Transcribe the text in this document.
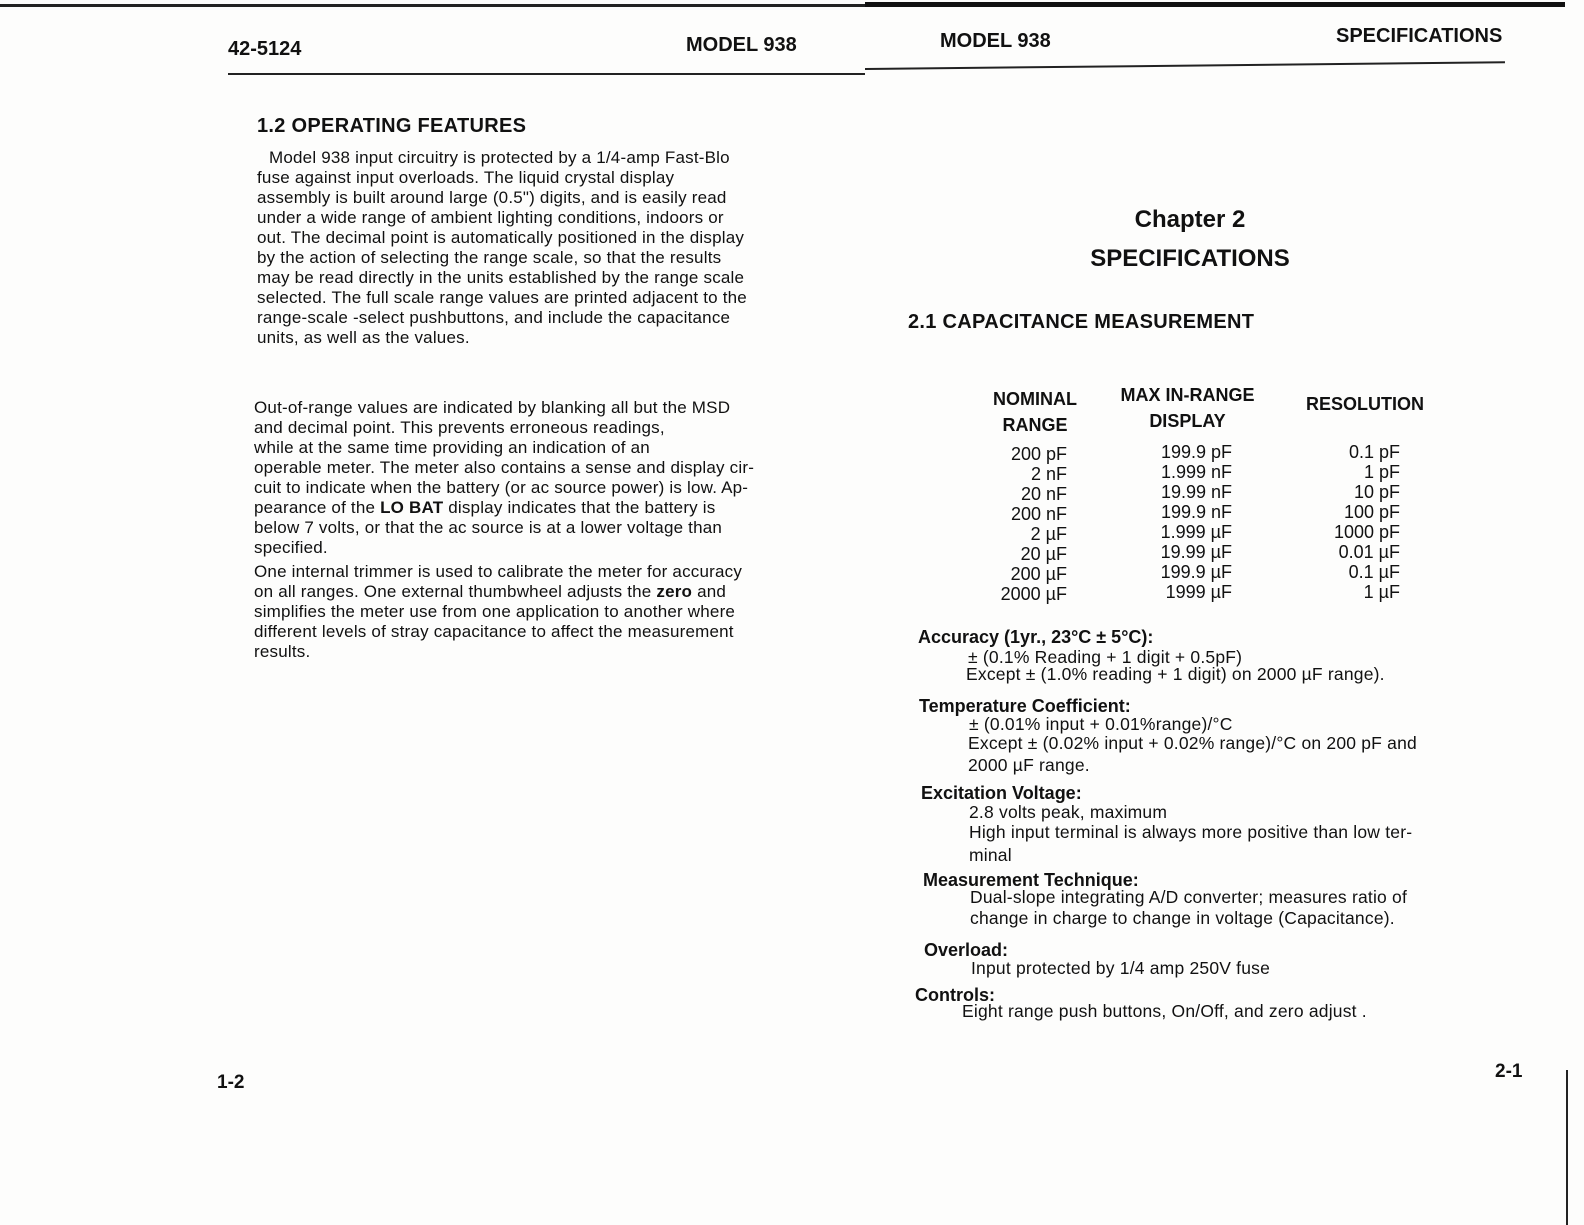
42-5124	MODEL 938
1.2 OPERATING FEATURES

Model 938 input circuitry is protected by a 1/4-amp Fast-Blo

fuse against input overloads. The liquid crystal display

assembly is built around large (0.5") digits, and is easily read

under a wide range of ambient lighting conditions, indoors or

out. The decimal point is automatically positioned in the display

by the action of selecting the range scale, so that the results

may be read directly in the units established by the range scale

selected. The full scale range values are printed adjacent to the

range-scale -select pushbuttons, and include the capacitance

units, as well as the values.

Out-of-range values are indicated by blanking all but the MSD

and decimal point. This prevents erroneous readings,

while at the same time providing an indication of an

operable meter. The meter also contains a sense and display cir-

cuit to indicate when the battery (or ac source power) is low. Ap-

pearance of the LO BAT display indicates that the battery is

below 7 volts, or that the ac source is at a lower voltage than

specified.

One internal trimmer is used to calibrate the meter for accuracy

on all ranges. One external thumbwheel adjusts the zero and

simplifies the meter use from one application to another where

different levels of stray capacitance to affect the measurement

results.

1-2
MODEL 938	SPECIFICATIONS
Chapter 2
SPECIFICATIONS
2.1 CAPACITANCE MEASUREMENT
NOMINAL
RANGE
MAX IN-RANGE
DISPLAY
RESOLUTION
200 pF
2 nF
20 nF
200 nF
2 µF
20 µF
200 µF
2000 µF
199.9 pF
1.999 nF
19.99 nF
199.9 nF
1.999 µF
19.99 µF
199.9 µF
1999 µF
0.1 pF
1 pF
10 pF
100 pF
1000 pF
0.01 µF
0.1 µF
1 µF
Accuracy (1yr., 23°C ± 5°C):
± (0.1% Reading + 1 digit + 0.5pF)
Except ± (1.0% reading + 1 digit) on 2000 µF range).
Temperature Coefficient:
± (0.01% input + 0.01%range)/°C
Except ± (0.02% input + 0.02% range)/°C on 200 pF and
2000 µF range.
Excitation Voltage:
2.8 volts peak, maximum
High input terminal is always more positive than low ter-
minal
Measurement Technique:
Dual-slope integrating A/D converter; measures ratio of
change in charge to change in voltage (Capacitance).
Overload:
Input protected by 1/4 amp 250V fuse
Controls:
Eight range push buttons, On/Off, and zero adjust .
2-1
